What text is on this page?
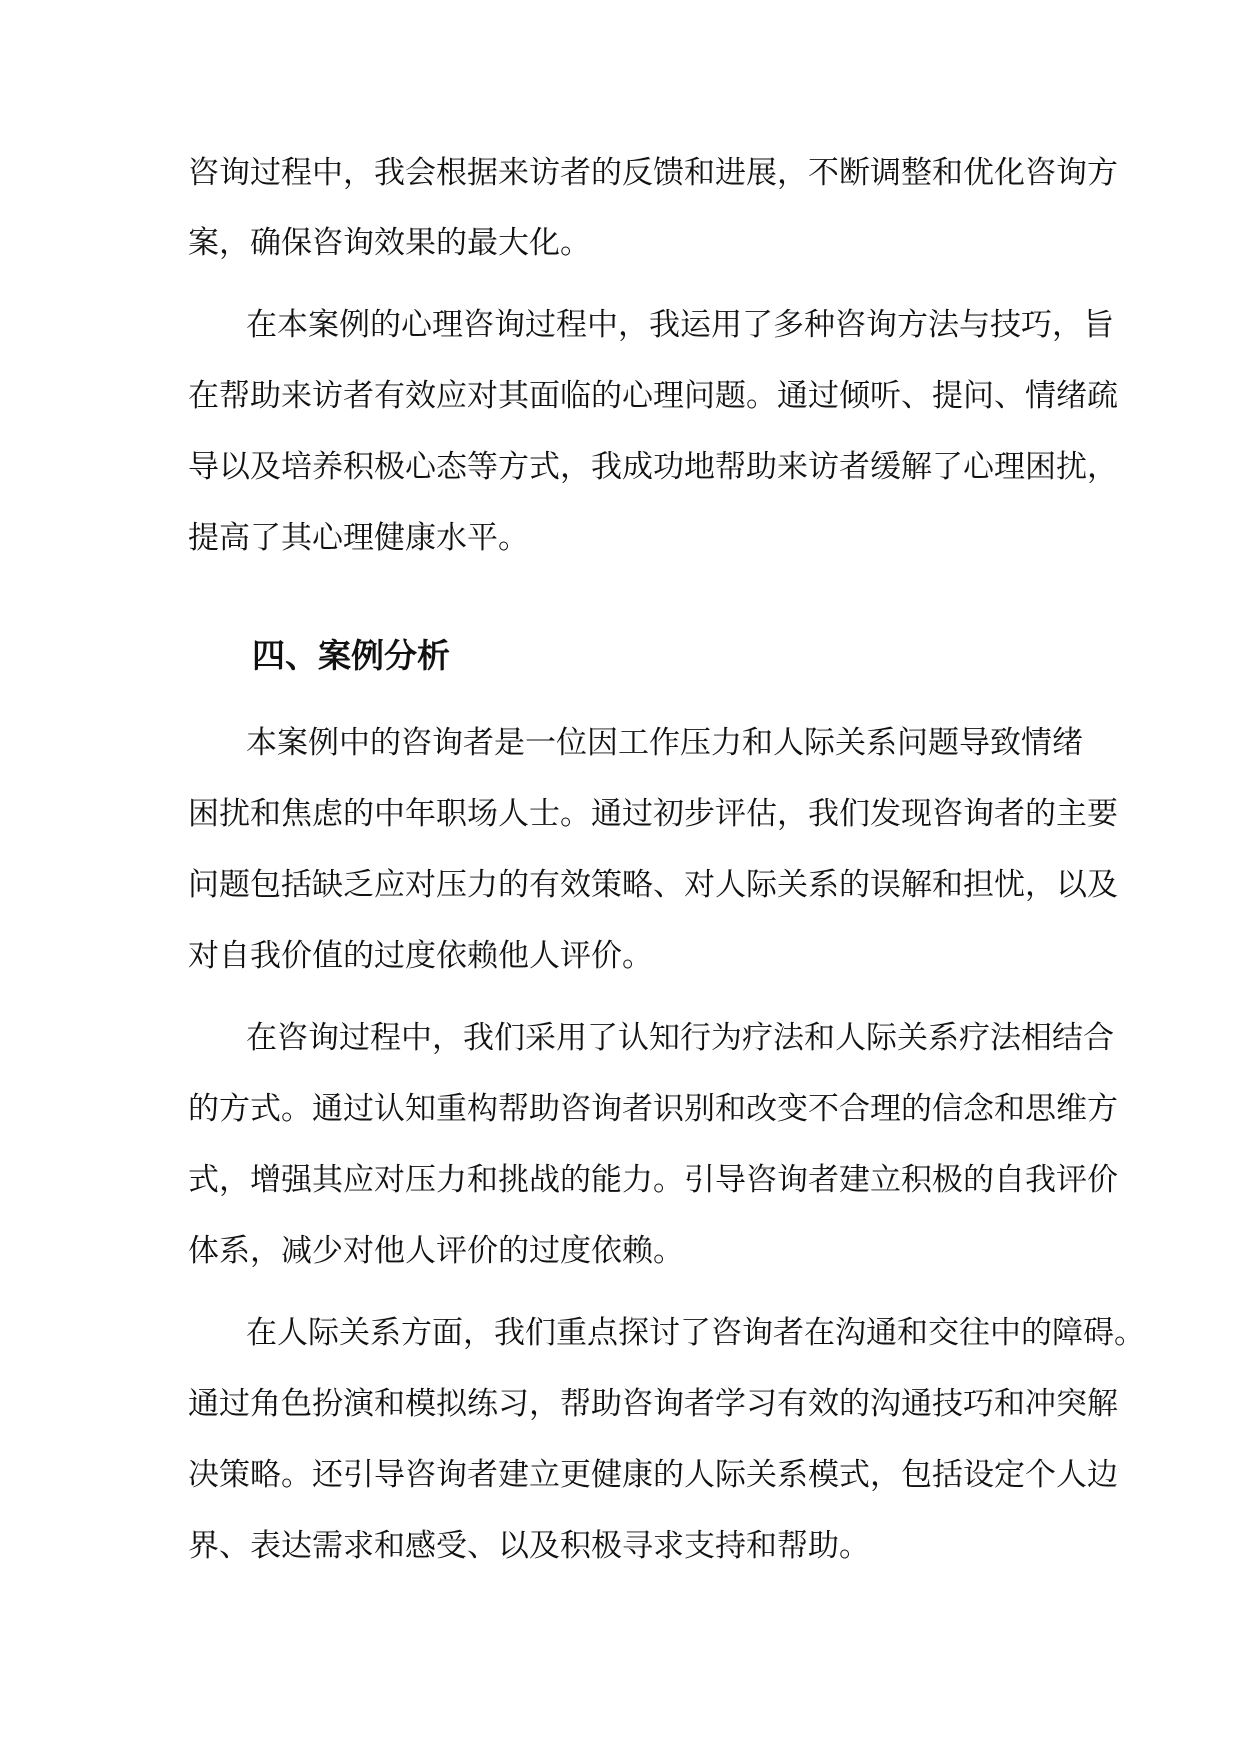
咨询过程中，我会根据来访者的反馈和进展，不断调整和优化咨询方
案，确保咨询效果的最大化。
在本案例的心理咨询过程中，我运用了多种咨询方法与技巧，旨
在帮助来访者有效应对其面临的心理问题。通过倾听、提问、情绪疏
导以及培养积极心态等方式，我成功地帮助来访者缓解了心理困扰，
提高了其心理健康水平。
四、案例分析
本案例中的咨询者是一位因工作压力和人际关系问题导致情绪
困扰和焦虑的中年职场人士。通过初步评估，我们发现咨询者的主要
问题包括缺乏应对压力的有效策略、对人际关系的误解和担忧，以及
对自我价值的过度依赖他人评价。
在咨询过程中，我们采用了认知行为疗法和人际关系疗法相结合
的方式。通过认知重构帮助咨询者识别和改变不合理的信念和思维方
式，增强其应对压力和挑战的能力。引导咨询者建立积极的自我评价
体系，减少对他人评价的过度依赖。
在人际关系方面，我们重点探讨了咨询者在沟通和交往中的障碍。
通过角色扮演和模拟练习，帮助咨询者学习有效的沟通技巧和冲突解
决策略。还引导咨询者建立更健康的人际关系模式，包括设定个人边
界、表达需求和感受、以及积极寻求支持和帮助。
